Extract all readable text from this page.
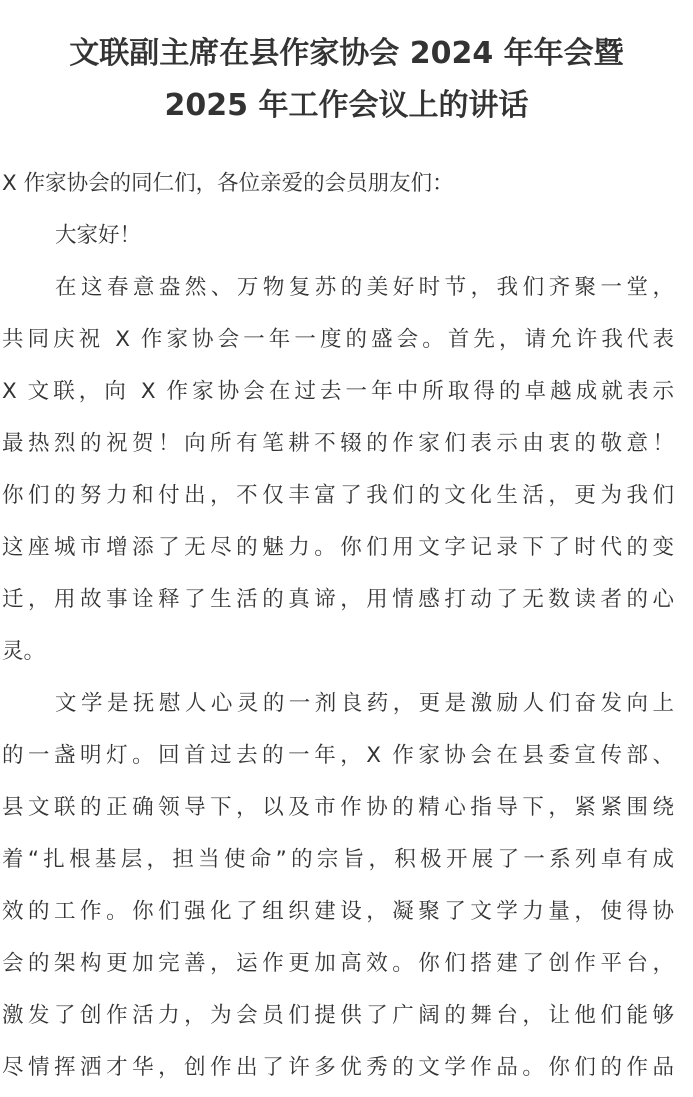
文联副主席在县作家协会 2024 年年会暨
2025 年工作会议上的讲话

X 作家协会的同仁们，各位亲爱的会员朋友们：

大家好！

在这春意盎然、万物复苏的美好时节，我们齐聚一堂，
共同庆祝 X 作家协会一年一度的盛会。首先，请允许我代表
X 文联，向 X 作家协会在过去一年中所取得的卓越成就表示
最热烈的祝贺！向所有笔耕不辍的作家们表示由衷的敬意！
你们的努力和付出，不仅丰富了我们的文化生活，更为我们
这座城市增添了无尽的魅力。你们用文字记录下了时代的变
迁，用故事诠释了生活的真谛，用情感打动了无数读者的心
灵。

文学是抚慰人心灵的一剂良药，更是激励人们奋发向上
的一盏明灯。回首过去的一年，X 作家协会在县委宣传部、
县文联的正确领导下，以及市作协的精心指导下，紧紧围绕
着“扎根基层，担当使命”的宗旨，积极开展了一系列卓有成
效的工作。你们强化了组织建设，凝聚了文学力量，使得协
会的架构更加完善，运作更加高效。你们搭建了创作平台，
激发了创作活力，为会员们提供了广阔的舞台，让他们能够
尽情挥洒才华，创作出了许多优秀的文学作品。你们的作品
